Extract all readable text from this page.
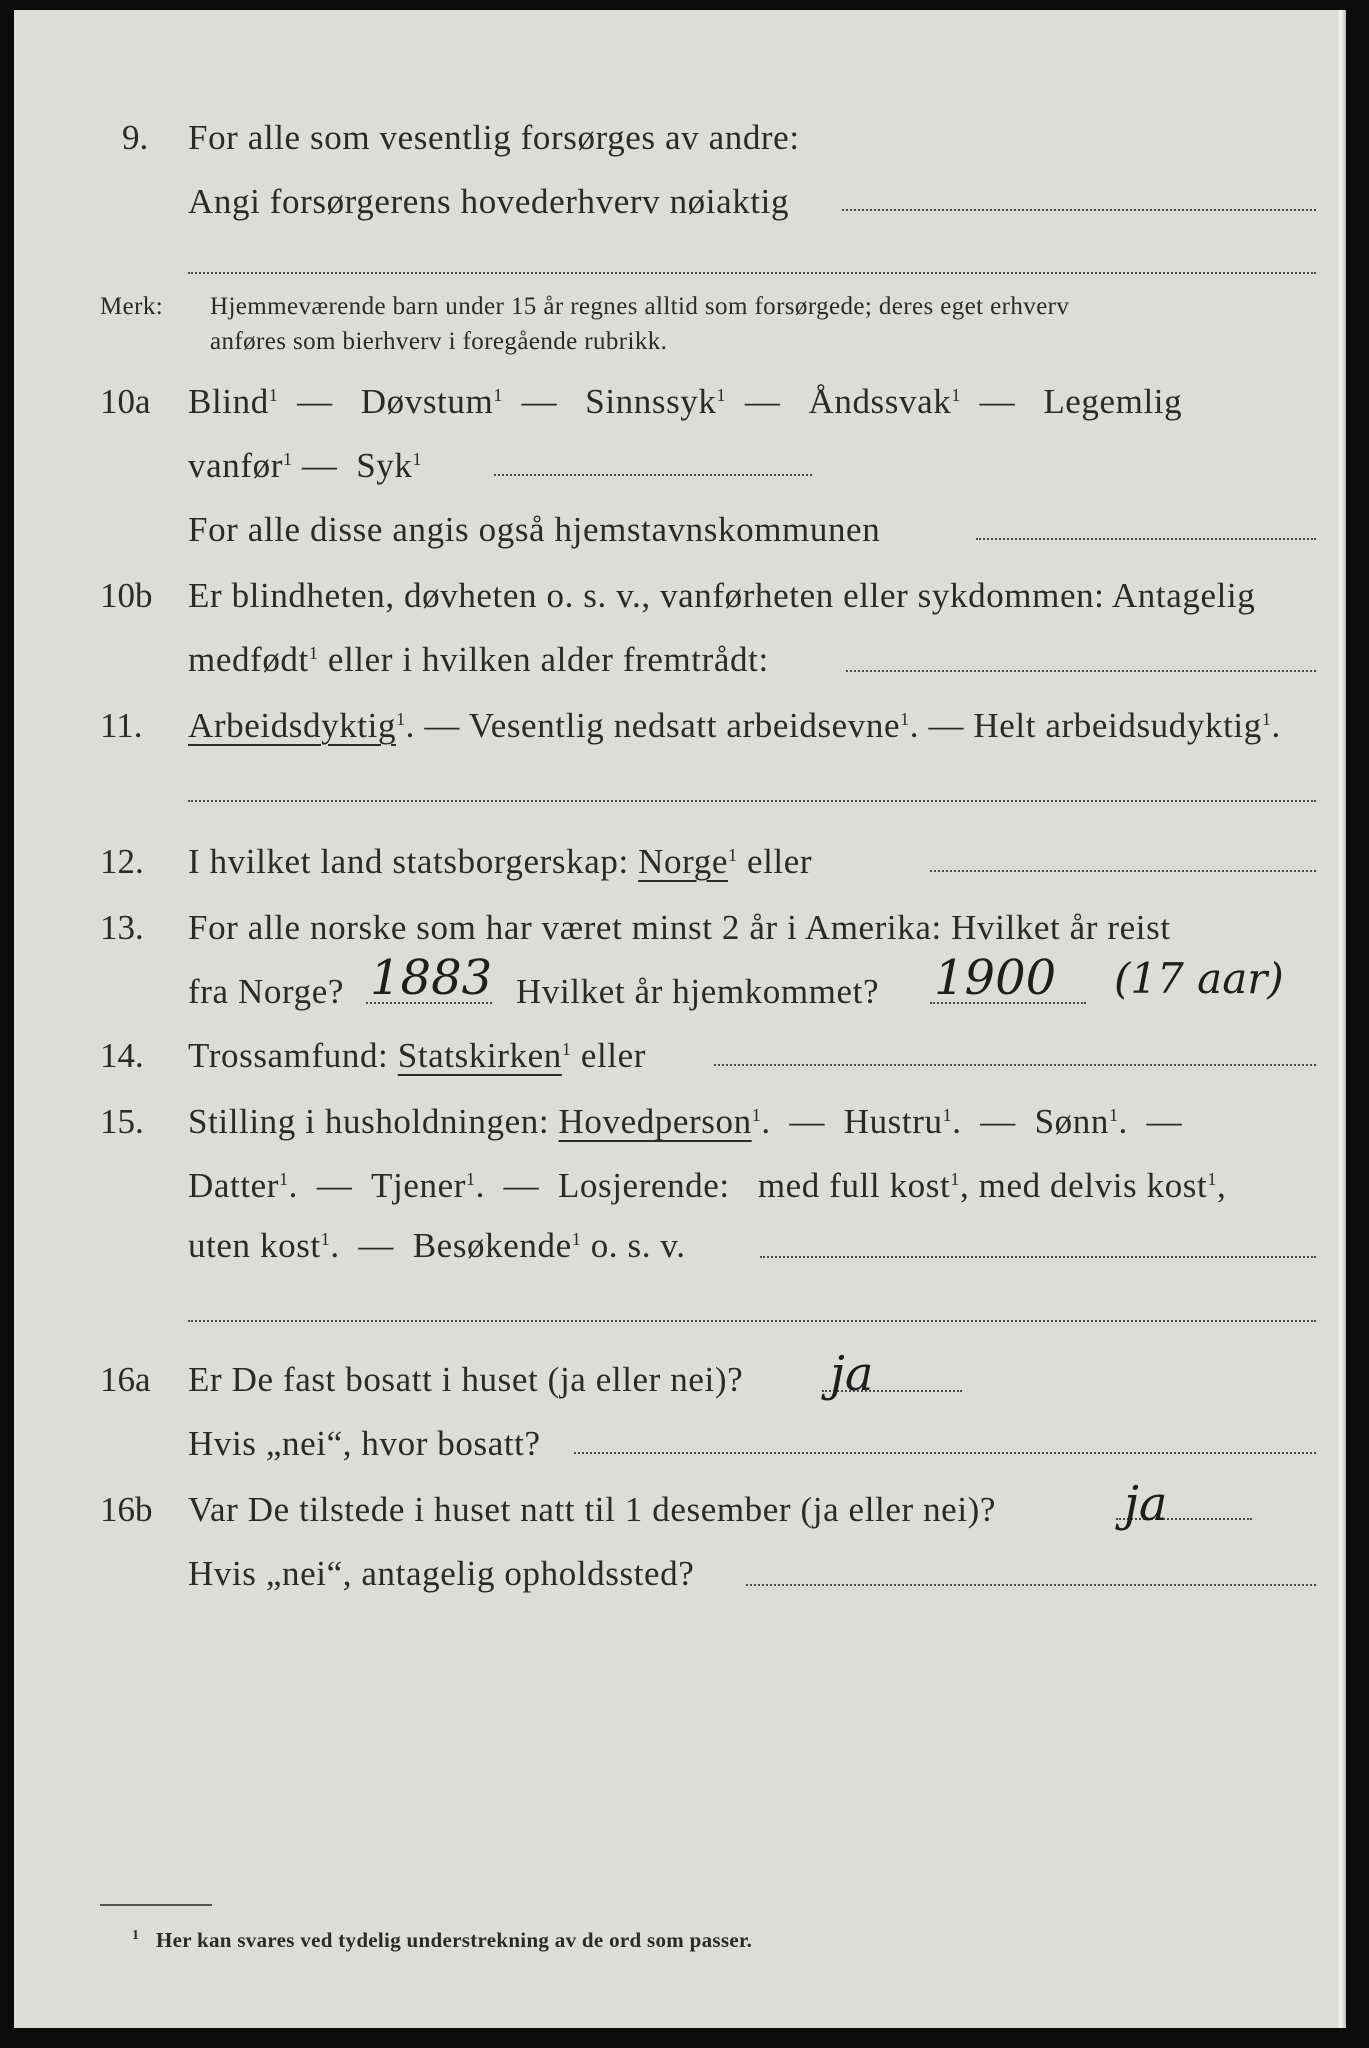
9. For alle som vesentlig forsørges av andre:
Angi forsørgerens hovederhverv nøiaktig
Merk: Hjemmeværende barn under 15 år regnes alltid som forsørgede; deres eget erhverv
anføres som bierhverv i foregående rubrikk.
10a Blind$^1$  —   Døvstum$^1$  —   Sinnssyk$^1$  —   Åndssvak$^1$  —   Legemlig
vanfør$^1$ —  Syk$^1$
For alle disse angis også hjemstavnskommunen
10b Er blindheten, døvheten o. s. v., vanførheten eller sykdommen: Antagelig
medfødt$^1$ eller i hvilken alder fremtrådt:
11. Arbeidsdyktig$^1$. — Vesentlig nedsatt arbeidsevne$^1$. — Helt arbeidsudyktig$^1$.
12. I hvilket land statsborgerskap: Norge$^1$ eller
13. For alle norske som har været minst 2 år i Amerika: Hvilket år reist
fra Norge? 1883 Hvilket år hjemkommet? 1900 (17 aar)
14. Trossamfund: Statskirken$^1$ eller
15. Stilling i husholdningen: Hovedperson$^1$.  —  Hustru$^1$.  —  Sønn$^1$.  —
Datter$^1$.  —  Tjener$^1$.  —  Losjerende: med full kost$^1$, med delvis kost$^1$,
uten kost$^1$.  —  Besøkende$^1$ o. s. v.
16a Er De fast bosatt i huset (ja eller nei)? ja
Hvis „nei“, hvor bosatt?
16b Var De tilstede i huset natt til 1 desember (ja eller nei)?	ja
Hvis „nei“, antagelig opholdssted?
$^1$ Her kan svares ved tydelig understrekning av de ord som passer.
